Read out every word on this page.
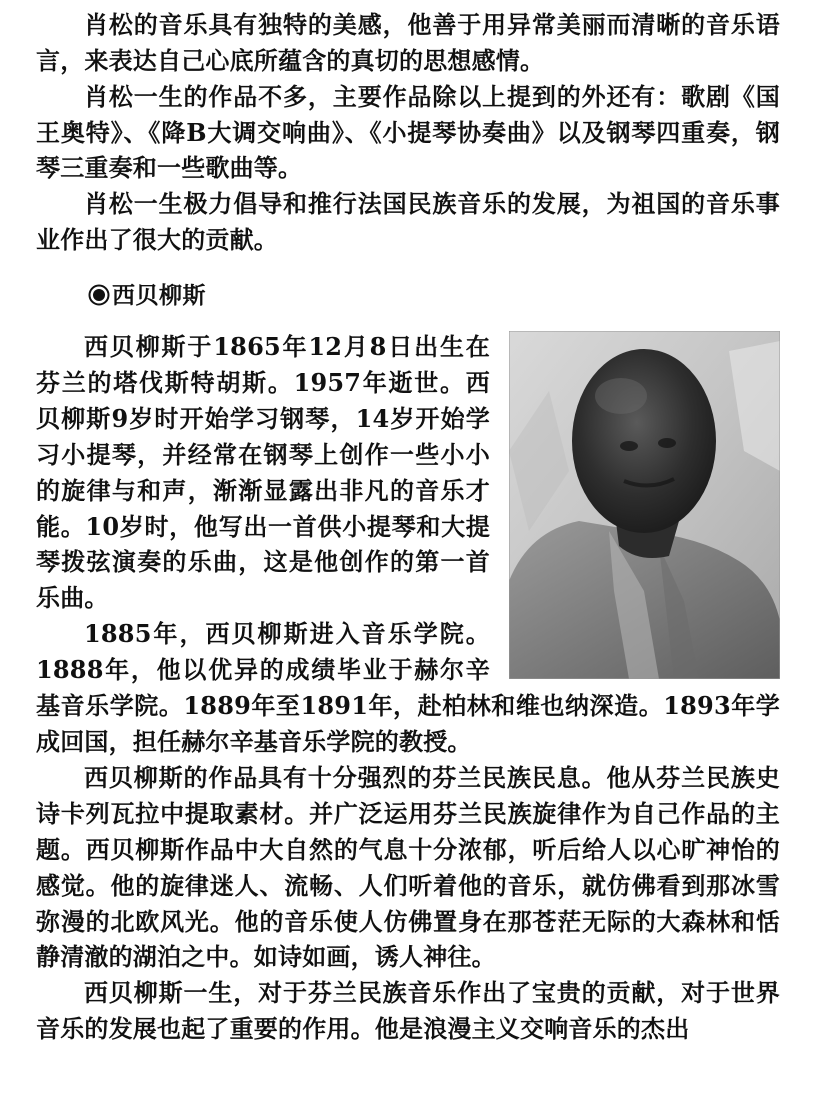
肖松的音乐具有独特的美感，他善于用异常美丽而清晰的音乐语言，来表达自己心底所蕴含的真切的思想感情。
肖松一生的作品不多，主要作品除以上提到的外还有：歌剧《国王奥特》、《降B大调交响曲》、《小提琴协奏曲》以及钢琴四重奏，钢琴三重奏和一些歌曲等。
肖松一生极力倡导和推行法国民族音乐的发展，为祖国的音乐事业作出了很大的贡献。
西贝柳斯

西贝柳斯于1865年12月8日出生在芬兰的塔伐斯特胡斯。1957年逝世。西贝柳斯9岁时开始学习钢琴，14岁开始学习小提琴，并经常在钢琴上创作一些小小的旋律与和声，渐渐显露出非凡的音乐才能。10岁时，他写出一首供小提琴和大提琴拨弦演奏的乐曲，这是他创作的第一首乐曲。

1885年，西贝柳斯进入音乐学院。1888年，他以优异的成绩毕业于赫尔辛基音乐学院。1889年至1891年，赴柏林和维也纳深造。1893年学成回国，担任赫尔辛基音乐学院的教授。

西贝柳斯的作品具有十分强烈的芬兰民族民息。他从芬兰民族史诗卡列瓦拉中提取素材。并广泛运用芬兰民族旋律作为自己作品的主题。西贝柳斯作品中大自然的气息十分浓郁，听后给人以心旷神怡的感觉。他的旋律迷人、流畅、人们听着他的音乐，就仿佛看到那冰雪弥漫的北欧风光。他的音乐使人仿佛置身在那苍茫无际的大森林和恬静清澈的湖泊之中。如诗如画，诱人神往。

西贝柳斯一生，对于芬兰民族音乐作出了宝贵的贡献，对于世界音乐的发展也起了重要的作用。他是浪漫主义交响音乐的杰出
